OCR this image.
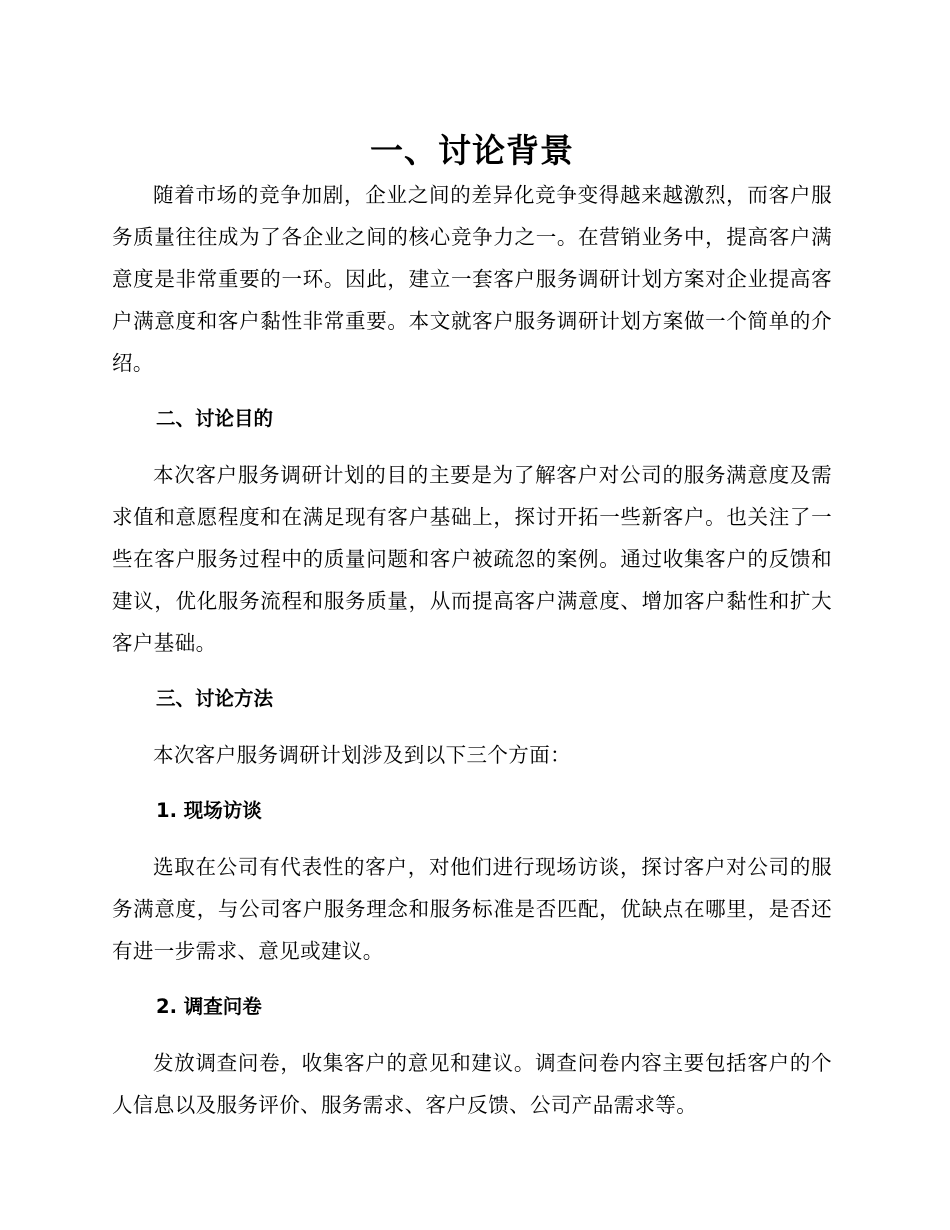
一、讨论背景

随着市场的竞争加剧，企业之间的差异化竞争变得越来越激烈，而客户服务质量往往成为了各企业之间的核心竞争力之一。在营销业务中，提高客户满意度是非常重要的一环。因此，建立一套客户服务调研计划方案对企业提高客户满意度和客户黏性非常重要。本文就客户服务调研计划方案做一个简单的介绍。

二、讨论目的

本次客户服务调研计划的目的主要是为了解客户对公司的服务满意度及需求值和意愿程度和在满足现有客户基础上，探讨开拓一些新客户。也关注了一些在客户服务过程中的质量问题和客户被疏忽的案例。通过收集客户的反馈和建议，优化服务流程和服务质量，从而提高客户满意度、增加客户黏性和扩大客户基础。

三、讨论方法

本次客户服务调研计划涉及到以下三个方面：

1. 现场访谈

选取在公司有代表性的客户，对他们进行现场访谈，探讨客户对公司的服务满意度，与公司客户服务理念和服务标准是否匹配，优缺点在哪里，是否还有进一步需求、意见或建议。

2. 调查问卷

发放调查问卷，收集客户的意见和建议。调查问卷内容主要包括客户的个人信息以及服务评价、服务需求、客户反馈、公司产品需求等。
